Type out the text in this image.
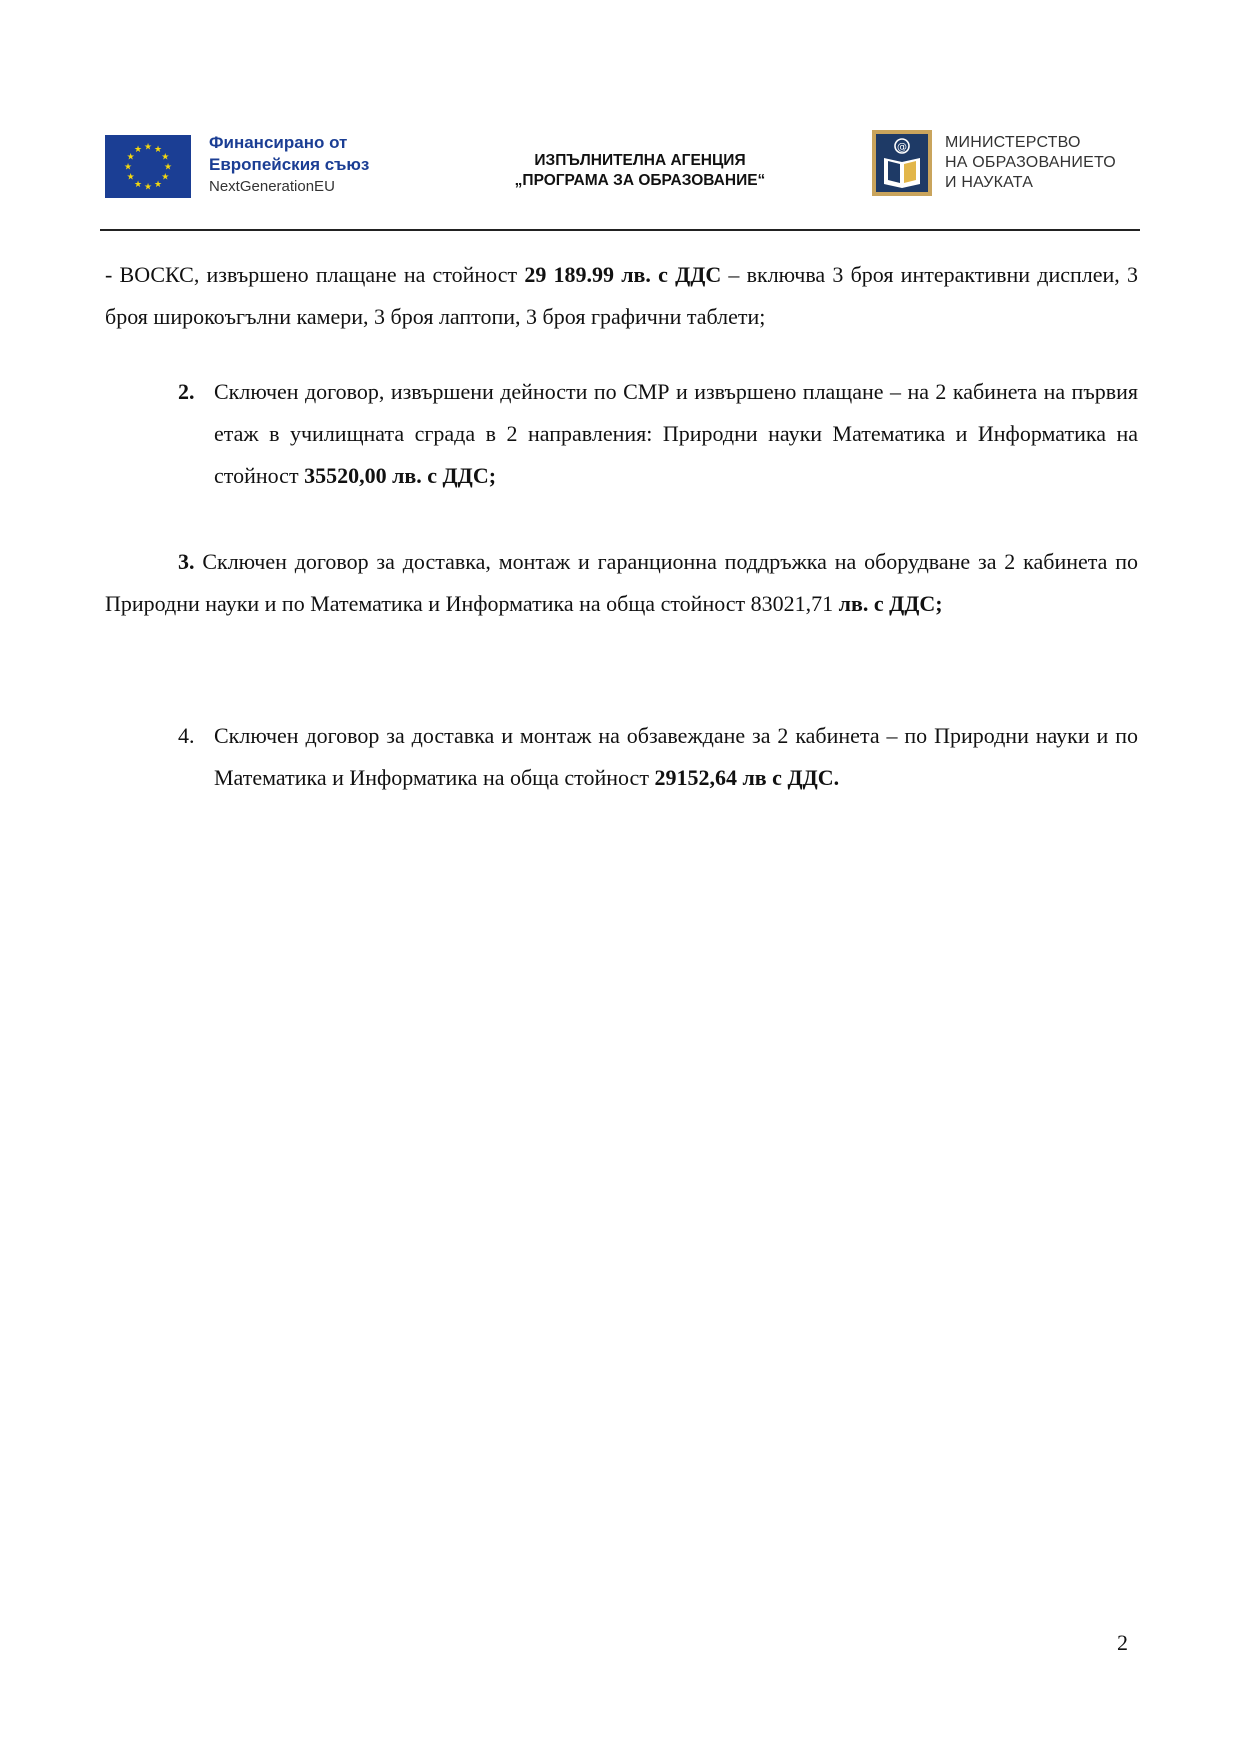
★ ★
★
★
★
★
★
★
★
★
★
★	Финансирано от
Европейския съюз
NextGenerationEU
ИЗПЪЛНИТЕЛНА АГЕНЦИЯ
„ПРОГРАМА ЗА ОБРАЗОВАНИЕ“
@ МИНИСТЕРСТВО
НА ОБРАЗОВАНИЕТО
И НАУКАТА
- ВОСКС, извършено плащане на стойност 29 189.99 лв. с ДДС – включва 3 броя интерактивни дисплеи, 3 броя широкоъгълни камери, 3 броя лаптопи, 3 броя графични таблети;
2. Сключен договор, извършени дейности по СМР и извършено плащане – на 2 кабинета на първия етаж в училищната сграда в 2 направления: Природни науки Математика и Информатика на стойност 35520,00 лв. с ДДС;
3. Сключен договор за доставка, монтаж и гаранционна поддръжка на оборудване за 2 кабинета по Природни науки и по Математика и Информатика на обща стойност 83021,71 лв. с ДДС;
4. Сключен договор за доставка и монтаж на обзавеждане за 2 кабинета – по Природни науки и по Математика и Информатика на обща стойност 29152,64 лв с ДДС.
2
